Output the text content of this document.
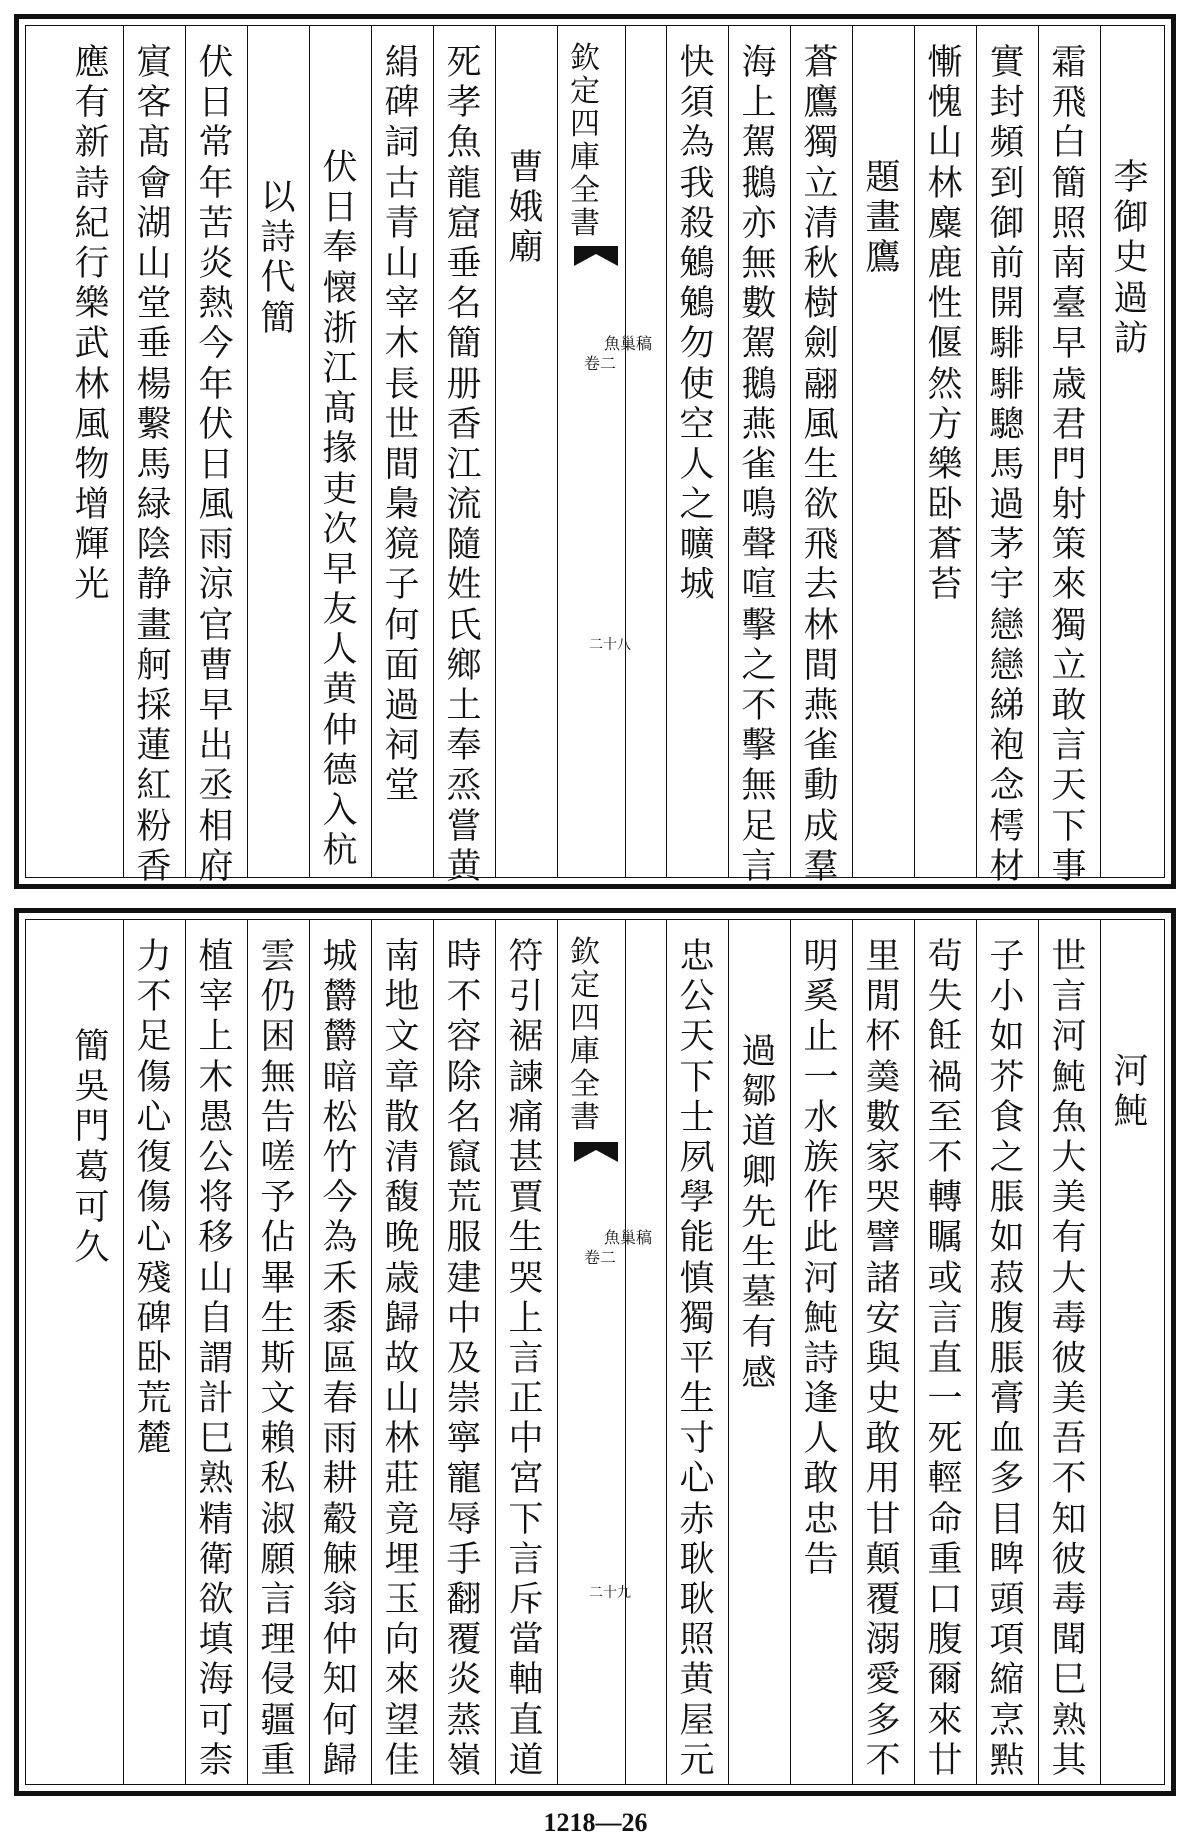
李
御
史
過
訪
霜
飛
白
簡
照
南
臺
早
歳
君
門
射
策
來
獨
立
敢
言
天
下
事
實
封
頻
到
御
前
開
騑
騑
驄
馬
過
茅
宇
戀
戀
綈
袍
念
樗
材
慚
愧
山
林
麋
鹿
性
偃
然
方
樂
卧
蒼
苔
題
畫
鷹
蒼
鷹
獨
立
清
秋
樹
劍
翮
風
生
欲
飛
去
林
間
燕
雀
動
成
羣
海
上
駕
鵝
亦
無
數
駕
鵝
燕
雀
鳴
聲
喧
擊
之
不
擊
無
足
言
快
須
為
我
殺
鵵
鵵
勿
使
空
人
之
曠
城
曹
娥
廟
死
孝
魚
龍
窟
垂
名
簡
册
香
江
流
隨
姓
氏
鄉
土
奉
烝
嘗
黄
絹
碑
詞
古
青
山
宰
木
長
世
間
梟
獍
子
何
面
過
祠
堂
伏
日
奉
懐
浙
江
髙
掾
吏
次
早
友
人
黄
仲
德
入
杭
以
詩
代
簡
伏
日
常
年
苦
炎
熱
今
年
伏
日
風
雨
涼
官
曹
早
出
丞
相
府
賔
客
髙
會
湖
山
堂
垂
楊
繫
馬
緑
陰
静
畫
舸
採
蓮
紅
粉
香
應
有
新
詩
紀
行
樂
武
林
風
物
增
輝
光
欽
定
四
庫
全
書
魚巢稿
卷二
二十八
河
魨
世
言
河
魨
魚
大
美
有
大
毒
彼
美
吾
不
知
彼
毒
聞
巳
熟
其
子
小
如
芥
食
之
脹
如
菽
腹
脹
膏
血
多
目
睥
頭
項
縮
烹
㸃
茍
失
飪
禍
至
不
轉
瞩
或
言
直
一
死
輕
命
重
口
腹
爾
來
廿
里
閒
杯
羮
數
家
哭
譬
諸
安
與
史
敢
用
甘
顛
覆
溺
愛
多
不
明
奚
止
一
水
族
作
此
河
魨
詩
逢
人
敢
忠
告
過
鄒
道
卿
先
生
墓
有
感
忠
公
天
下
士
夙
學
能
慎
獨
平
生
寸
心
赤
耿
耿
照
黄
屋
元
符
引
裾
諫
痛
甚
賈
生
哭
上
言
正
中
宮
下
言
斥
當
軸
直
道
時
不
容
除
名
竄
荒
服
建
中
及
崇
寧
寵
辱
手
翻
覆
炎
蒸
嶺
南
地
文
章
散
清
馥
晚
歳
歸
故
山
林
莊
竟
埋
玉
向
來
望
佳
城
欝
欝
暗
松
竹
今
為
禾
黍
區
春
雨
耕
觳
觫
翁
仲
知
何
歸
雲
仍
困
無
告
嗟
予
佔
畢
生
斯
文
賴
私
淑
願
言
理
侵
疆
重
植
宰
上
木
愚
公
将
移
山
自
謂
計
巳
熟
精
衛
欲
填
海
可
柰
力
不
足
傷
心
復
傷
心
殘
碑
卧
荒
麓
簡
吳
門
葛
可
久
欽
定
四
庫
全
書
魚巢稿
卷二
二十九
1218—26
